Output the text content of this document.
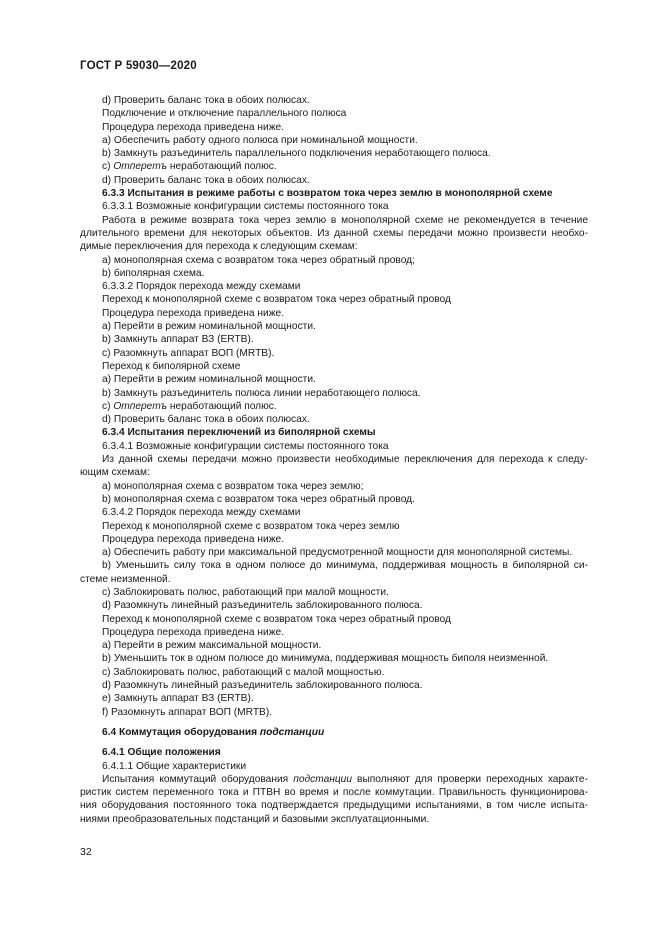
ГОСТ Р 59030—2020
d) Проверить баланс тока в обоих полюсах.
Подключение и отключение параллельного полюса
Процедура перехода приведена ниже.
a) Обеспечить работу одного полюса при номинальной мощности.
b) Замкнуть разъединитель параллельного подключения неработающего полюса.
c) Отперетъ неработающий полюс.
d) Проверить баланс тока в обоих полюсах.
6.3.3 Испытания в режиме работы с возвратом тока через землю в монополярной схеме
6.3.3.1 Возможные конфигурации системы постоянного тока
Работа в режиме возврата тока через землю в монополярной схеме не рекомендуется в течение
длительного времени для некоторых объектов. Из данной схемы передачи можно произвести необхо-
димые переключения для перехода к следующим схемам:
a) монополярная схема с возвратом тока через обратный провод;
b) биполярная схема.
6.3.3.2 Порядок перехода между схемами
Переход к монополярной схеме с возвратом тока через обратный провод
Процедура перехода приведена ниже.
a) Перейти в режим номинальной мощности.
b) Замкнуть аппарат ВЗ (ERTB).
c) Разомкнуть аппарат ВОП (MRTB).
Переход к биполярной схеме
a) Перейти в режим номинальной мощности.
b) Замкнуть разъединитель полюса линии неработающего полюса.
c) Отперетъ неработающий полюс.
d) Проверить баланс тока в обоих полюсах.
6.3.4 Испытания переключений из биполярной схемы
6.3.4.1 Возможные конфигурации системы постоянного тока
Из данной схемы передачи можно произвести необходимые переключения для перехода к следу-
ющим схемам:
a) монополярная схема с возвратом тока через землю;
b) монополярная схема с возвратом тока через обратный провод.
6.3.4.2 Порядок перехода между схемами
Переход к монополярной схеме с возвратом тока через землю
Процедура перехода приведена ниже.
a) Обеспечить работу при максимальной предусмотренной мощности для монополярной системы.
b) Уменьшить силу тока в одном полюсе до минимума, поддерживая мощность в биполярной си-
стеме неизменной.
c) Заблокировать полюс, работающий при малой мощности.
d) Разомкнуть линейный разъединитель заблокированного полюса.
Переход к монополярной схеме с возвратом тока через обратный провод
Процедура перехода приведена ниже.
a) Перейти в режим максимальной мощности.
b) Уменьшить ток в одном полюсе до минимума, поддерживая мощность биполя неизменной.
c) Заблокировать полюс, работающий с малой мощностью.
d) Разомкнуть линейный разъединитель заблокированного полюса.
e) Замкнуть аппарат ВЗ (ERTB).
f) Разомкнуть аппарат ВОП (MRTB).
6.4 Коммутация оборудования подстанции
6.4.1 Общие положения
6.4.1.1 Общие характеристики
Испытания коммутаций оборудования подстанции выполняют для проверки переходных характе-
ристик систем переменного тока и ПТВН во время и после коммутации. Правильность функционирова-
ния оборудования постоянного тока подтверждается предыдущими испытаниями, в том числе испыта-
ниями преобразовательных подстанций и базовыми эксплуатационными.
32
